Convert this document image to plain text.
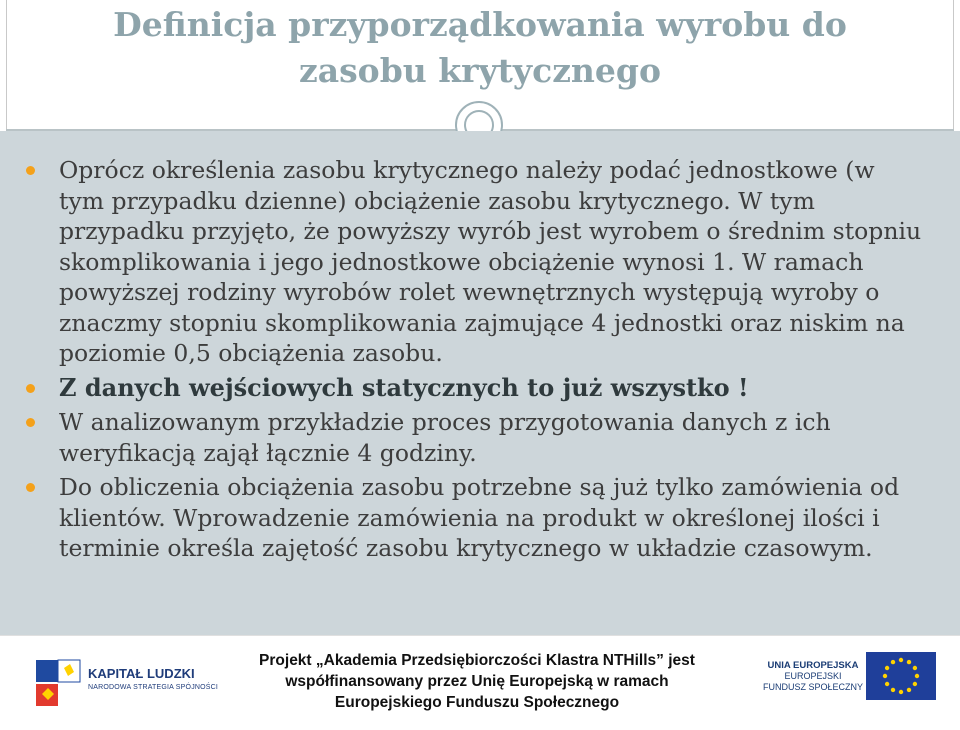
Definicja przyporządkowania wyrobu do
zasobu krytycznego
Oprócz określenia zasobu krytycznego należy podać jednostkowe (w tym przypadku dzienne) obciążenie zasobu krytycznego. W tym przypadku przyjęto, że powyższy wyrób jest wyrobem o średnim stopniu skomplikowania i jego jednostkowe obciążenie wynosi 1. W ramach powyższej rodziny wyrobów rolet wewnętrznych występują wyroby o znaczmy stopniu skomplikowania zajmujące 4 jednostki oraz niskim na poziomie 0,5 obciążenia zasobu.
Z danych wejściowych statycznych to już wszystko !
W analizowanym przykładzie proces przygotowania danych z ich weryfikacją zajął łącznie 4 godziny.
Do obliczenia obciążenia zasobu potrzebne są już tylko zamówienia od klientów. Wprowadzenie zamówienia na produkt w określonej ilości i terminie określa zajętość zasobu krytycznego w układzie czasowym.
KAPITAŁ LUDZKI
NARODOWA STRATEGIA SPÓJNOŚCI
Projekt „Akademia Przedsiębiorczości Klastra NTHills” jest
współfinansowany przez Unię Europejską w ramach
Europejskiego Funduszu Społecznego
UNIA EUROPEJSKA
EUROPEJSKI
FUNDUSZ SPOŁECZNY
